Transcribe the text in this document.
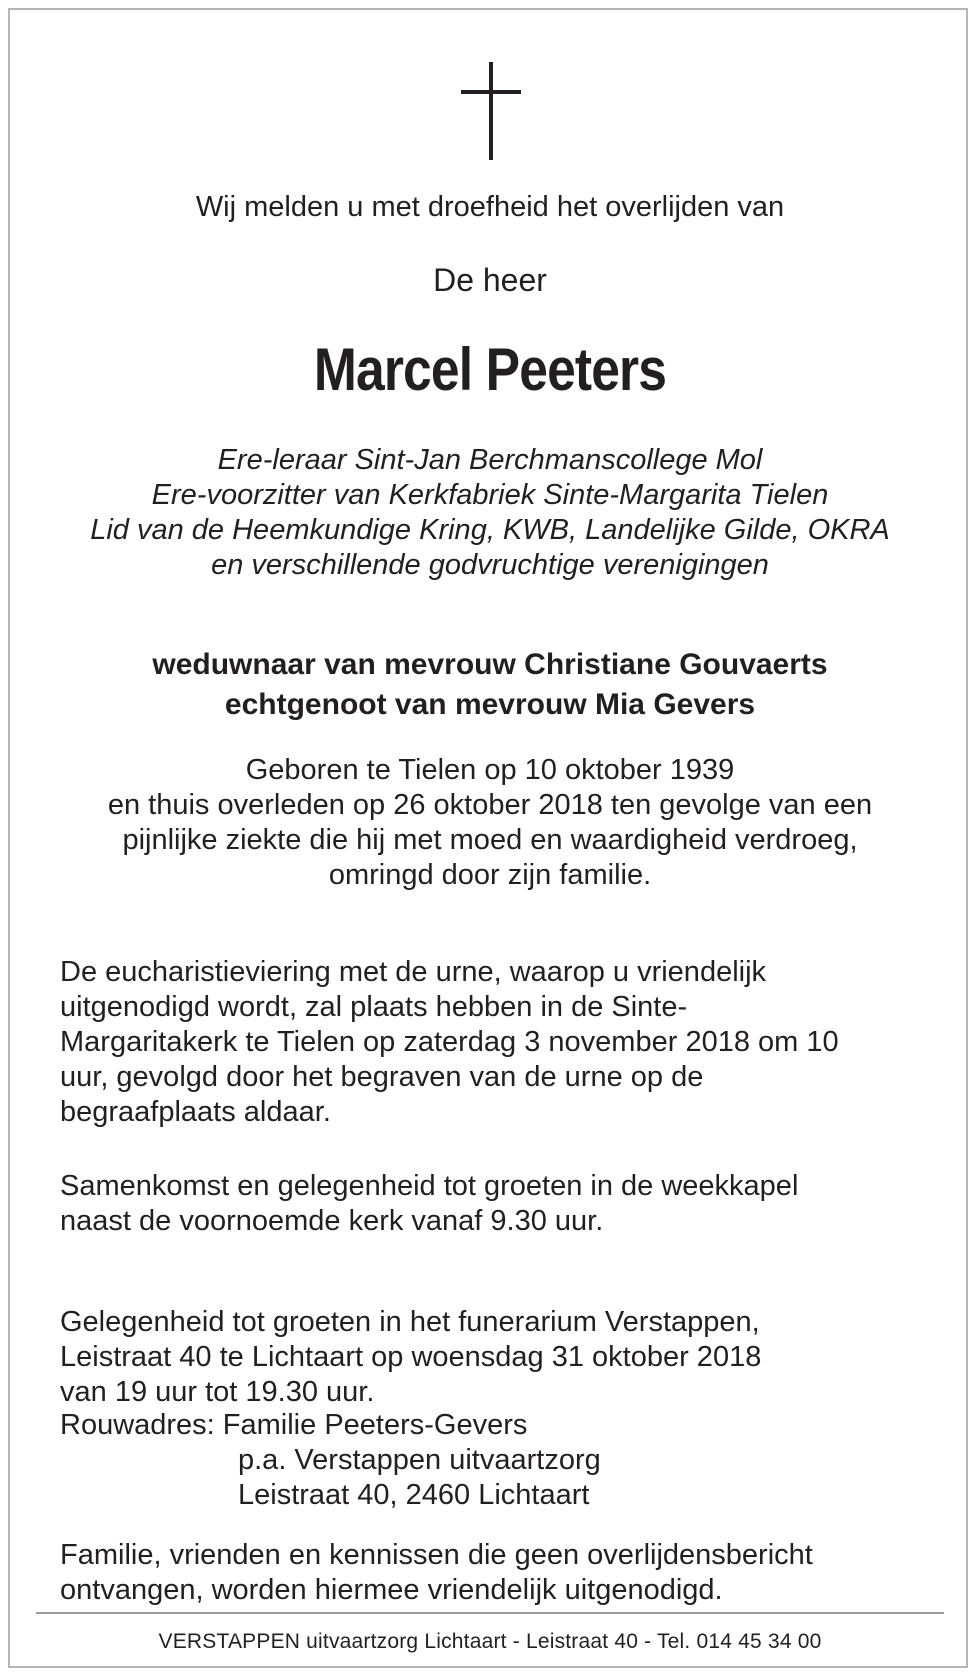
Wij melden u met droefheid het overlijden van
De heer
Marcel Peeters
Ere-leraar Sint-Jan Berchmanscollege Mol
Ere-voorzitter van Kerkfabriek Sinte-Margarita Tielen
Lid van de Heemkundige Kring, KWB, Landelijke Gilde, OKRA
en verschillende godvruchtige verenigingen
weduwnaar van mevrouw Christiane Gouvaerts
echtgenoot van mevrouw Mia Gevers
Geboren te Tielen op 10 oktober 1939
en thuis overleden op 26 oktober 2018 ten gevolge van een
pijnlijke ziekte die hij met moed en waardigheid verdroeg,
omringd door zijn familie.
De eucharistieviering met de urne, waarop u vriendelijk
uitgenodigd wordt, zal plaats hebben in de Sinte-
Margaritakerk te Tielen op zaterdag 3 november 2018 om 10
uur, gevolgd door het begraven van de urne op de
begraafplaats aldaar.
Samenkomst en gelegenheid tot groeten in de weekkapel
naast de voornoemde kerk vanaf 9.30 uur.
Gelegenheid tot groeten in het funerarium Verstappen,
Leistraat 40 te Lichtaart op woensdag 31 oktober 2018
van 19 uur tot 19.30 uur.
Rouwadres: Familie Peeters-Gevers
p.a. Verstappen uitvaartzorg
Leistraat 40, 2460 Lichtaart
Familie, vrienden en kennissen die geen overlijdensbericht
ontvangen, worden hiermee vriendelijk uitgenodigd.
VERSTAPPEN uitvaartzorg Lichtaart - Leistraat 40 - Tel. 014 45 34 00
